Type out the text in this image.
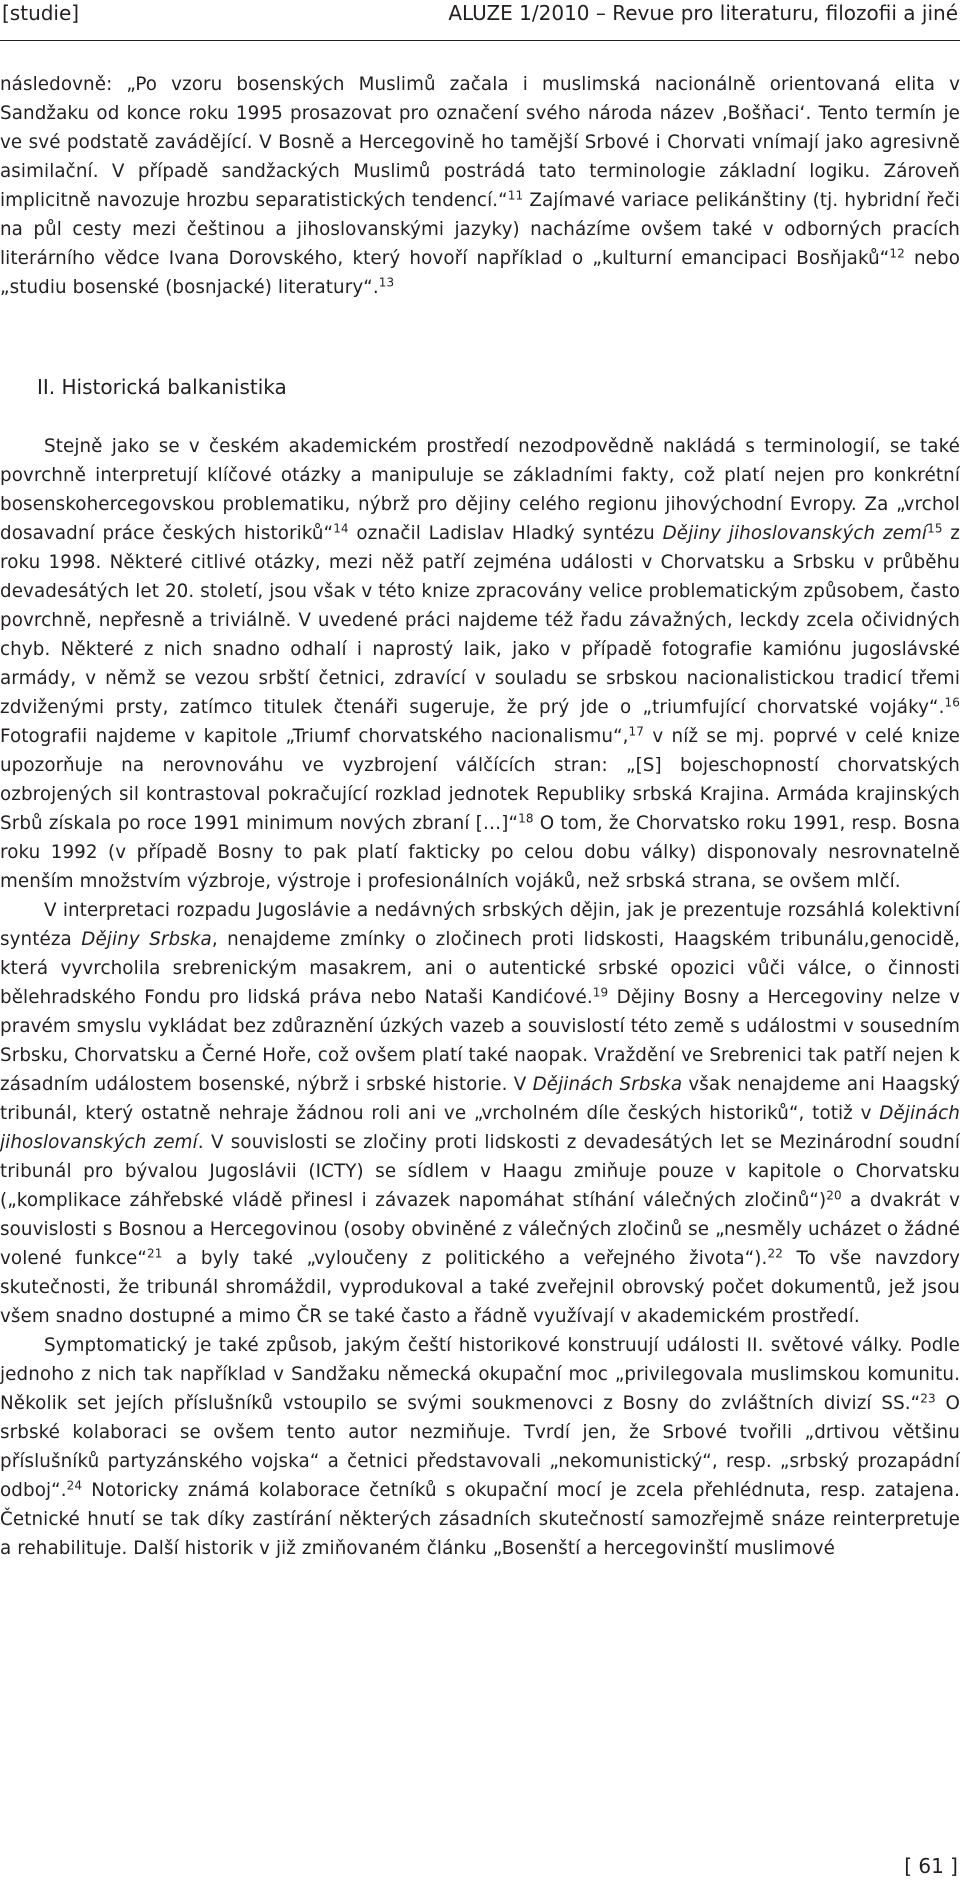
[studie]	ALUZE 1/2010 – Revue pro literaturu, filozofii a jiné

následovně: „Po vzoru bosenských Muslimů začala i muslimská nacionálně orientovaná elita v Sandžaku od konce roku 1995 prosazovat pro označení svého národa název ‚Bošňaci‘. Tento termín je ve své podstatě zavádějící. V Bosně a Hercegovině ho tamější Srbové i Chorvati vnímají jako agresivně asimilační. V případě sandžackých Muslimů postrádá tato terminologie základní logiku. Zároveň implicitně navozuje hrozbu separatistických tendencí.“$^{11}$ Zajímavé variace pelikánštiny (tj. hybridní řeči na půl cesty mezi češtinou a jihoslovanskými jazyky) nacházíme ovšem také v odborných pracích literárního vědce Ivana Dorovského, který hovoří například o „kulturní emancipaci Bosňjaků“$^{12}$ nebo „studiu bosenské (bosnjacké) literatury“.$^{13}$

II. Historická balkanistika

Stejně jako se v českém akademickém prostředí nezodpovědně nakládá s terminologií, se také povrchně interpretují klíčové otázky a manipuluje se základními fakty, což platí nejen pro konkrétní bosenskohercegovskou problematiku, nýbrž pro dějiny celého regionu jihovýchodní Evropy. Za „vrchol dosavadní práce českých historiků“$^{14}$ označil Ladislav Hladký syntézu Dějiny jihoslovanských zemí$^{15}$ z roku 1998. Některé citlivé otázky, mezi něž patří zejména události v Chorvatsku a Srbsku v průběhu devadesátých let 20. století, jsou však v této knize zpracovány velice problematickým způsobem, často povrchně, nepřesně a triviálně. V uvedené práci najdeme též řadu závažných, leckdy zcela očividných chyb. Některé z nich snadno odhalí i naprostý laik, jako v případě fotografie kamiónu jugoslávské armády, v němž se vezou srbští četnici, zdravící v souladu se srbskou nacionalistickou tradicí třemi zdviženými prsty, zatímco titulek čtenáři sugeruje, že prý jde o „triumfující chorvatské vojáky“.$^{16}$ Fotografii najdeme v kapitole „Triumf chorvatského nacionalismu“,$^{17}$ v níž se mj. poprvé v celé knize upozorňuje na nerovnováhu ve vyzbrojení válčících stran: „[S] bojeschopností chorvatských ozbrojených sil kontrastoval pokračující rozklad jednotek Republiky srbská Krajina. Armáda krajinských Srbů získala po roce 1991 minimum nových zbraní […]“$^{18}$ O tom, že Chorvatsko roku 1991, resp. Bosna roku 1992 (v případě Bosny to pak platí fakticky po celou dobu války) disponovaly nesrovnatelně menším množstvím výzbroje, výstroje i profesionálních vojáků, než srbská strana, se ovšem mlčí.

V interpretaci rozpadu Jugoslávie a nedávných srbských dějin, jak je prezentuje rozsáhlá kolektivní syntéza Dějiny Srbska, nenajdeme zmínky o zločinech proti lidskosti, Haagském tribunálu,genocidě, která vyvrcholila srebrenickým masakrem, ani o autentické srbské opozici vůči válce, o činnosti bělehradského Fondu pro lidská práva nebo Nataši Kandićové.$^{19}$ Dějiny Bosny a Hercegoviny nelze v pravém smyslu vykládat bez zdůraznění úzkých vazeb a souvislostí této země s událostmi v sousedním Srbsku, Chorvatsku a Černé Hoře, což ovšem platí také naopak. Vraždění ve Srebrenici tak patří nejen k zásadním událostem bosenské, nýbrž i srbské historie. V Dějinách Srbska však nenajdeme ani Haagský tribunál, který ostatně nehraje žádnou roli ani ve „vrcholném díle českých historiků“, totiž v Dějinách jihoslovanských zemí. V souvislosti se zločiny proti lidskosti z devadesátých let se Mezinárodní soudní tribunál pro bývalou Jugoslávii (ICTY) se sídlem v Haagu zmiňuje pouze v kapitole o Chorvatsku („komplikace záhřebské vládě přinesl i závazek napomáhat stíhání válečných zločinů“)$^{20}$ a dvakrát v souvislosti s Bosnou a Hercegovinou (osoby obviněné z válečných zločinů se „nesměly ucházet o žádné volené funkce“$^{21}$ a byly také „vyloučeny z politického a veřejného života“).$^{22}$ To vše navzdory skutečnosti, že tribunál shromáždil, vyprodukoval a také zveřejnil obrovský počet dokumentů, jež jsou všem snadno dostupné a mimo ČR se také často a řádně využívají v akademickém prostředí.

Symptomatický je také způsob, jakým čeští historikové konstruují události II. světové války. Podle jednoho z nich tak například v Sandžaku německá okupační moc „privilegovala muslimskou komunitu. Několik set jejích příslušníků vstoupilo se svými soukmenovci z Bosny do zvláštních divizí SS.“$^{23}$ O srbské kolaboraci se ovšem tento autor nezmiňuje. Tvrdí jen, že Srbové tvořili „drtivou většinu příslušníků partyzánského vojska“ a četnici představovali „nekomunistický“, resp. „srbský prozapádní odboj“.$^{24}$ Notoricky známá kolaborace četníků s okupační mocí je zcela přehlédnuta, resp. zatajena. Četnické hnutí se tak díky zastírání některých zásadních skutečností samozřejmě snáze reinterpretuje a rehabilituje. Další historik v již zmiňovaném článku „Bosenští a hercegovinští muslimové

[ 61 ]
